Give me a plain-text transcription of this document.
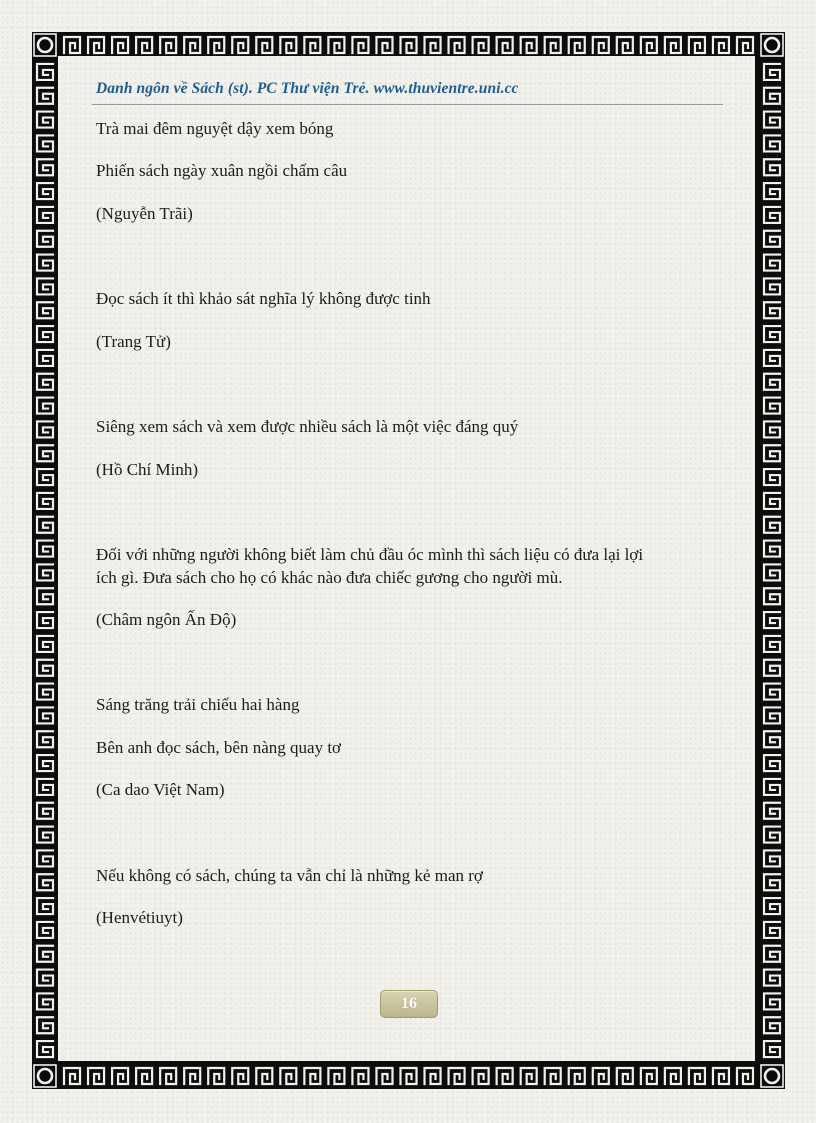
Danh ngôn về Sách (st). PC Thư viện Trẻ. www.thuvientre.uni.cc
Trà mai đêm nguyệt dậy xem bóng
Phiến sách ngày xuân ngồi chấm câu
(Nguyễn Trãi)
Đọc sách ít thì khảo sát nghĩa lý không được tinh
(Trang Tử)
Siêng xem sách và xem được nhiều sách là một việc đáng quý
(Hồ Chí Minh)
Đối với những người không biết làm chủ đầu óc mình thì sách liệu có đưa lại lợi
ích gì. Đưa sách cho họ có khác nào đưa chiếc gương cho người mù.
(Châm ngôn Ấn Độ)
Sáng trăng trải chiếu hai hàng
Bên anh đọc sách, bên nàng quay tơ
(Ca dao Việt Nam)
Nếu không có sách, chúng ta vẫn chỉ là những kẻ man rợ
(Henvétiuyt)
16
